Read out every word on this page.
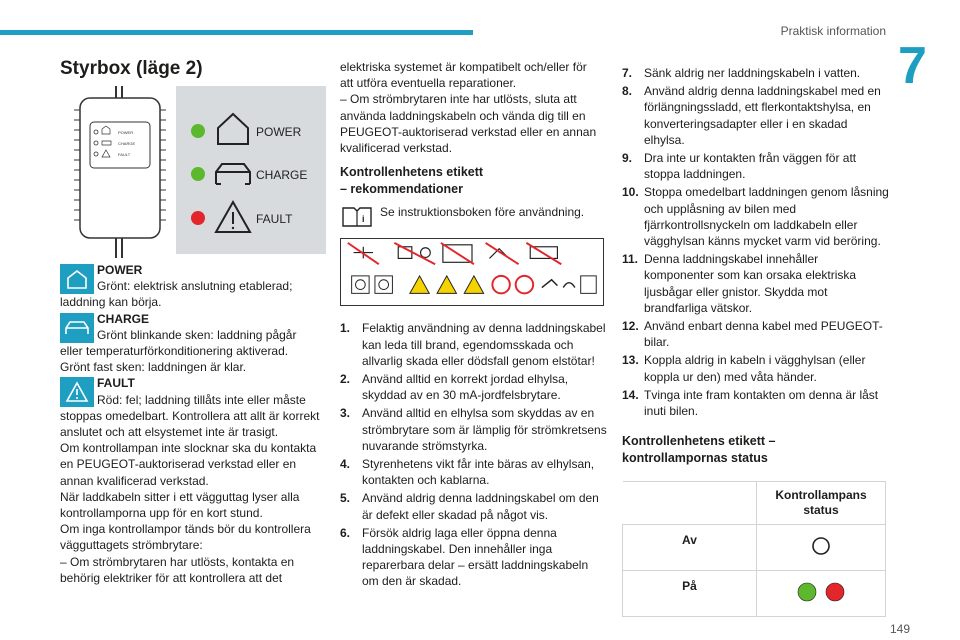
Praktisk information
7
Styrbox (läge 2)
POWER
CHARGE
FAULT
POWER
CHARGE
FAULT

POWER

Grönt: elektrisk anslutning etablerad;

laddning kan börja.

CHARGE

Grönt blinkande sken: laddning pågår

eller temperaturförkonditionering aktiverad.

Grönt fast sken: laddningen är klar.

FAULT

Röd: fel; laddning tillåts inte eller måste

stoppas omedelbart. Kontrollera att allt är korrekt

anslutet och att elsystemet inte är trasigt.

Om kontrollampan inte slocknar ska du kontakta

en PEUGEOT-auktoriserad verkstad eller en

annan kvalificerad verkstad.

När laddkabeln sitter i ett vägguttag lyser alla

kontrollamporna upp för en kort stund.

Om inga kontrollampor tänds bör du kontrollera

vägguttagets strömbrytare:

– Om strömbrytaren har utlösts, kontakta en

behörig elektriker för att kontrollera att det

elektriska systemet är kompatibelt och/eller för

att utföra eventuella reparationer.

– Om strömbrytaren inte har utlösts, sluta att

använda laddningskabeln och vända dig till en

PEUGEOT-auktoriserad verkstad eller en annan

kvalificerad verkstad.

Kontrollenhetens etikett

– rekommendationer

i Se instruktionsboken före användning.

1. Felaktig användning av denna laddningskabel kan leda till brand, egendomsskada och allvarlig skada eller dödsfall genom elstötar!
2. Använd alltid en korrekt jordad elhylsa, skyddad av en 30 mA-jordfelsbrytare.
3. Använd alltid en elhylsa som skyddas av en strömbrytare som är lämplig för strömkretsens nuvarande strömstyrka.
4. Styrenhetens vikt får inte bäras av elhylsan, kontakten och kablarna.
5. Använd aldrig denna laddningskabel om den är defekt eller skadad på något vis.
6. Försök aldrig laga eller öppna denna laddningskabel. Den innehåller inga reparerbara delar – ersätt laddningskabeln om den är skadad.
7. Sänk aldrig ner laddningskabeln i vatten.
8. Använd aldrig denna laddningskabel med en förlängningssladd, ett flerkontaktshylsa, en konverteringsadapter eller i en skadad elhylsa.
9. Dra inte ur kontakten från väggen för att stoppa laddningen.
10. Stoppa omedelbart laddningen genom låsning och upplåsning av bilen med fjärrkontrollsnyckeln om laddkabeln eller vägghylsan känns mycket varm vid beröring.
11. Denna laddningskabel innehåller komponenter som kan orsaka elektriska ljusbågar eller gnistor. Skydda mot brandfarliga vätskor.
12. Använd enbart denna kabel med PEUGEOT-bilar.
13. Koppla aldrig in kabeln i vägghylsan (eller koppla ur den) med våta händer.
14. Tvinga inte fram kontakten om denna är låst inuti bilen.

Kontrollenhetens etikett –

kontrollampornas status

	Kontrollampans status
Av	
På	
149
